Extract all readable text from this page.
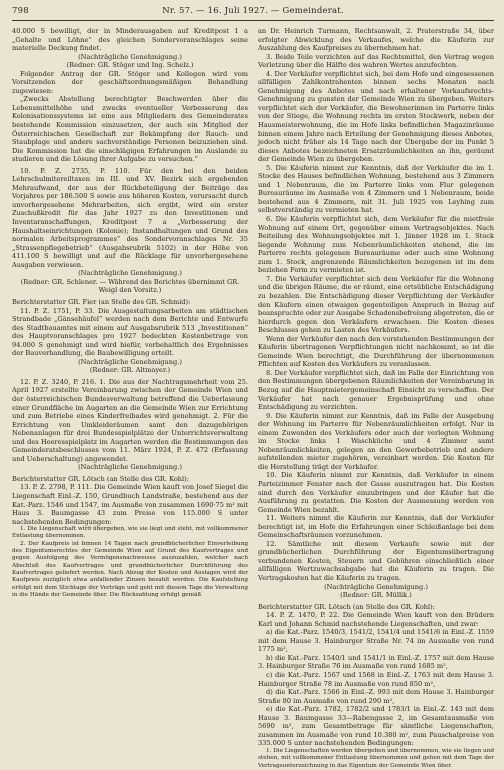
798	Nr. 57. — 16. Juli 1927. — Gemeinderat.

40.000 S bewilligt, der in Minderausgaben auf Kreditpost 1 a „Gehalte und Löhne“ des gleichen Sondervoranschlages seine materielle Deckung findet.

(Nachträgliche Genehmigung.)

(Redner: GR. Stöger und Ing. Schelz.)

Folgender Antrag der GR. Stöger und Kollegen wird vom Vorsitzenden der geschäftsordnungsmäßigen Behandlung zugewiesen:

„Zwecks Abstellung berechtigter Beschwerden über die Lebensmittelhöhe und zwecks eventueller Verbesserung des Kolonisationssystems ist eine aus Mitgliedern des Gemeinderates bestehende Kommission einzusetzen, der auch ein Mitglied der Österreichischen Gesellschaft zur Bekämpfung der Rauch- und Staubplage und andere sachverständige Personen beizuziehen sind. Die Kommission hat die einschlägigen Erfahrungen im Auslande zu studieren und die Lösung ihrer Aufgabe zu versuchen.“

10. P. Z. 2735, P. 110. Für den bei den beiden Lehrschulmitereiltaxen im III. und XV. Bezirk sich ergebenden Mehraufwand, der aus der Rückbeteiligung der Beiträge des Vorjahres per 186.500 S sowie aus höheren Kosten, verursacht durch unvorhergesehene Mehrarbeiten, sich ergibt, wird ein erster Zuschußkredit für das Jahr 1927 zu den Investitionen und Inventaranschaffungen, Kreditpost 7 a „Verbesserung der Haushaltseinrichtungen (Kolonie); Instandhaltungen und Grund des normalen Arbeitsprogrammes“ des Sondervoranschlages Nr. 35 „Strassenpflegebetrieb“ (Ausgabsrubrik 5102) in der Höhe von 411.100 S bewilligt und auf die Rücklage für unvorhergesehene Ausgaben verwiesen.

(Nachträgliche Genehmigung.)

(Redner: GR. Schlener. — Während des Berichtes übernimmt GR. Weigl den Vorsitz.)

Berichterstatter GR. Fier (an Stelle des GR. Schmid):

11. P. Z. 1751, P. 33. Die Ausgestaltungsarbeiten am städtischen Strandbade „Gänsehäufel“ werden nach dem Berichte und Entwurfe des Stadtbauamtes mit einem auf Ausgabsrubrik 513 „Investitionen“ des Hauptvoranschlages pro 1927 bedeckten Kostenbetrage von 94.000 S genehmigt und wird hiefür, vorbehaltlich des Ergebnisses der Bauverhandlung, die Baubewilligung erteilt.

(Nachträgliche Genehmigung.)

(Redner: GR. Altmayer.)

12. P. Z. 3240, P. 216. 1. Die aus der Nachtragsmehrheit vom 25. April 1927 erstellte Vereinbarung zwischen der Gemeinde Wien und der österreichischen Bundesverwaltung betreffend die Ueberlassung einer Grundfläche im Augarten an die Gemeinde Wien zur Errichtung und zum Betriebe eines Kinderfreibades wird genehmigt. 2. Für die Errichtung von Umkleideräumen samt den dazugehörigen Nebenanlagen für drei Bundesspielplätze der Unterrichtsverwaltung und des Heeresspielplatz im Augarten werden die Bestimmungen des Gemeinderatsbeschlusses vom 11. März 1924, P. Z. 472 (Erfassung und Ueberschaltung) angewendet.

(Nachträgliche Genehmigung.)

Berichterstatter GR. Lötsch (an Stelle des GR. Kohl):

13. P. Z. 2798, P. 111. Die Gemeinde Wien kauft von Josef Siegel die Liegenschaft Einl.-Z. 150, Grundbuch Landstraße, bestehend aus der Kat.-Parz. 1546 und 1547, im Ausmaße von zusammen 1690·75 m² mit Haus 3. Baumgasse 43 zum Preise von 115.000 S unter nachstehenden Bedingungen:

1. Die Liegenschaft wird übergeben, wie sie liegt und steht, mit vollkommener Entlastung übernommen.

2. Der Kaufpreis ist binnen 14 Tagen nach grundbücherlicher Einverleibung des Eigentumsrechtes der Gemeinde Wien auf Grund des Kaufvertrages und gegen Ausfolgung des Vermögensnachweises auszuzahlen, welcher nach Abschluß des Kaufvertrages und grundbücherlicher Durchführung des Kaufvertrages geliefert werden. Nach Abzug der Kosten und Auslagen wird der Kaufpreis zuzüglich etwa anfallender Zinsen bezahlt werden. Die Kaufstellung erfolgt mit dem Stichtage der Verträge und geht mit diesem Tage die Verwaltung in die Hände der Gemeinde über. Die Rückzahlung erfolgt gemäß

an Dr. Heinrich Turmann, Rechtsanwalt, 2. Praterstraße 34, über erfolgter Abwicklung des Verkaufes, welche die Käuferin zur Auszahlung des Kaufpreises zu übernehmen hat.

3. Beide Teile verzichten auf das Rechtsmittel, den Vertrag wegen Verletzung über die Hälfte des wahren Wertes anzufechten.

4. Der Verkäufer verpflichtet sich, bei dem Hofe und eingesessenen allfälligen Zahlkontrahenten binnen sechs Monaten nach Genehmigung des Anbotes und nach erhaltener Vorkaufsrechts-Genehmigung zu gunsten der Gemeinde Wien zu übergeben. Weiters verpflichtet sich der Verkäufer, die Bewohnerinnen im Parterre links von der Stiege, die Wohnung rechts im ersten Stockwerk, neben der Hausmeisterwohnung, die im Hofe links befindlichen Magazinräume binnen einem Jahre nach Erteilung der Genehmigung dieses Anbotes, jedoch nicht früher als 14 Tage nach der Übergabe der im Punkt 5 dieses Anbotes bezeichneten Ersatzräumlichkeiten an ihn, geräumt der Gemeinde Wien zu übergeben.

5. Die Käuferin nimmt zur Kenntnis, daß der Verkäufer die im 1. Stocke des Hauses befindlichen Wohnung, bestehend aus 3 Zimmern und 1 Nebenraum, die im Parterre links vom Flur gelegenen Bureauräume im Ausmaße von 4 Zimmern und 1 Nebenraum, beide bestehend aus 4 Zimmern, mit 31. Juli 1925 von Leyhing zum selbstverständig zu vermieten hat.

6. Die Käuferin verpflichtet sich, dem Verkäufer für die mietfreie Wohnung auf einem Ort, gegenüber einem Vertragsobjektes. Nach Beiteilung des Wohnungsobjektes mit 1. Jänner 1928 im 1. Stock liegende Wohnung zum Nebenräumlichkeiten stehend, die im Parterre rechts gelegenen Bureauräume oder auch eine Wohnung zum 1. Stock, angrenzende Räumlichkeiten bezogenen ist im dem beziehen Form zu vermieten ist.

7. Die Verkäufer verpflichtet sich dem Verkäufer für die Wohnung und die übrigen Räume, die er räumt, eine ortsübliche Entschädigung zu bezahlen. Die Entschädigung dieser Verpflichtung der Verkäufer den Käufern einen etwaigen gegenteiligen Anspruch in Bezug auf beanspruchte oder zur Ausgabe Schadensbefreiung abgetreten, die er hierdurch gegen den Verkäufern erwachsen. Die Kosten dieses Beschlusses gehen zu Lasten des Verkäufers.

Wenn der Verkäufer den nach den vorstehenden Bestimmungen der Käuferin übertragenen Verpflichtungen nicht nachkommt, so ist die Gemeinde Wien berechtigt, die Durchführung der übernommenen Pflichten auf Kosten des Verkäufers zu veranlassen.

8. Der Verkäufer verpflichtet sich, daß im Falle der Einrichtung von den Bestimmungen übergebenen Räumlichkeiten der Vereinbarung in Bezug auf die Hauptmietergemeinschaft Einsicht zu verschaffen. Der Verkäufer hat nach genauer Ergebnisprüfung und ohne Entschädigung zu verzichten.

9. Die Käuferin nimmt zur Kenntnis, daß im Falle der Ausgebung der Wohnung im Parterre für Nebenräumlichkeiten erfolgt. Nur in einem Zuwenden des Verkäufers oder auch der verlegten Wohnung im Stocke links 1 Waschküche und 4 Zimmer samt Nebenräumlichkeiten, gelegen an den Gewerbebetrieb und andere aufstellenden mieter zugehören, vereinbart werden. Die Kosten für die Herstellung trägt der Verkäufer.

10. Die Käuferin nimmt zur Kenntnis, daß Verkäufer in einem Parteizimmer Fenster nach der Gasse auszutragen hat. Die Kosten sind durch den Verkäufer einzubringen und der Käufer hat die Ausführung zu gestatten. Die Kosten der Ausmessung werden von Gemeinde Wien bezahlt.

11. Weiters nimmt die Käuferin zur Kenntnis, daß der Verkäufer berechtigt ist, im Hofe die Erfahrungen einer Schleißanlage bei dem Gemeinschaftsräumen vorzunehmen.

12. Sämtliche mit diesem Verkaufe sowie mit der grundbücherlichen Durchführung der Eigentumsübertragung verbundenen Kosten, Steuern und Gebühren einschließlich einer allfälligen Wertzuwachsabgabe hat die Käuferin zu tragen. Die Vertragskosten hat die Käuferin zu tragen.

(Nachträgliche Genehmigung.)

(Redner: GR. Müllik.)

Berichterstatter GR. Lötsch (an Stelle des GR. Kohl):

14. P. Z. 1470, P. 22. Die Gemeinde Wien kauft von den Brüdern Karl und Johann Schmid nachstehende Liegenschaften, und zwar:

a) die Kat.-Parz. 1540/3, 1541/2, 1541/4 und 1541/6 in Einl.-Z. 1559 mit dem Hause 3. Hainburger Straße Nr. 74 im Ausmaße von rund 1775 m²,

b) die Kat.-Parz. 1540/1 und 1541/1 in Einl.-Z. 1757 mit dem Hause 3. Hainburger Straße 76 im Ausmaße von rund 1685 m²,

c) die Kat.-Parz. 1567 und 1568 in Einl.-Z. 1763 mit dem Hause 3. Hainburger Straße 78 im Ausmaße von rund 850 m²,

d) die Kat.-Parz. 1566 in Einl.-Z. 993 mit dem Hause 3. Hainburger Straße 80 im Ausmaße von rund 290 m²,

e) die Kat.-Parz. 1782, 1782/2 und 1783/1 in Einl.-Z. 143 mit dem Hause 3. Baumgasse 33—Rabengasse 2, im Gesamtausmaße von 5690 m², zum Gesamtbetrage für sämtliche Liegenschaften, zusammen im Ausmaße von rund 10.380 m², zum Pauschalpreise von 335.000 S unter nachstehenden Bedingungen:

1. Die Liegenschaften werden übergeben und übernommen, wie sie liegen und stehen, mit vollkommener Entlastung übernommen und gehen mit dem Tage der Vertragsunterzeichnung in das Eigentum der Gemeinde Wien über.
